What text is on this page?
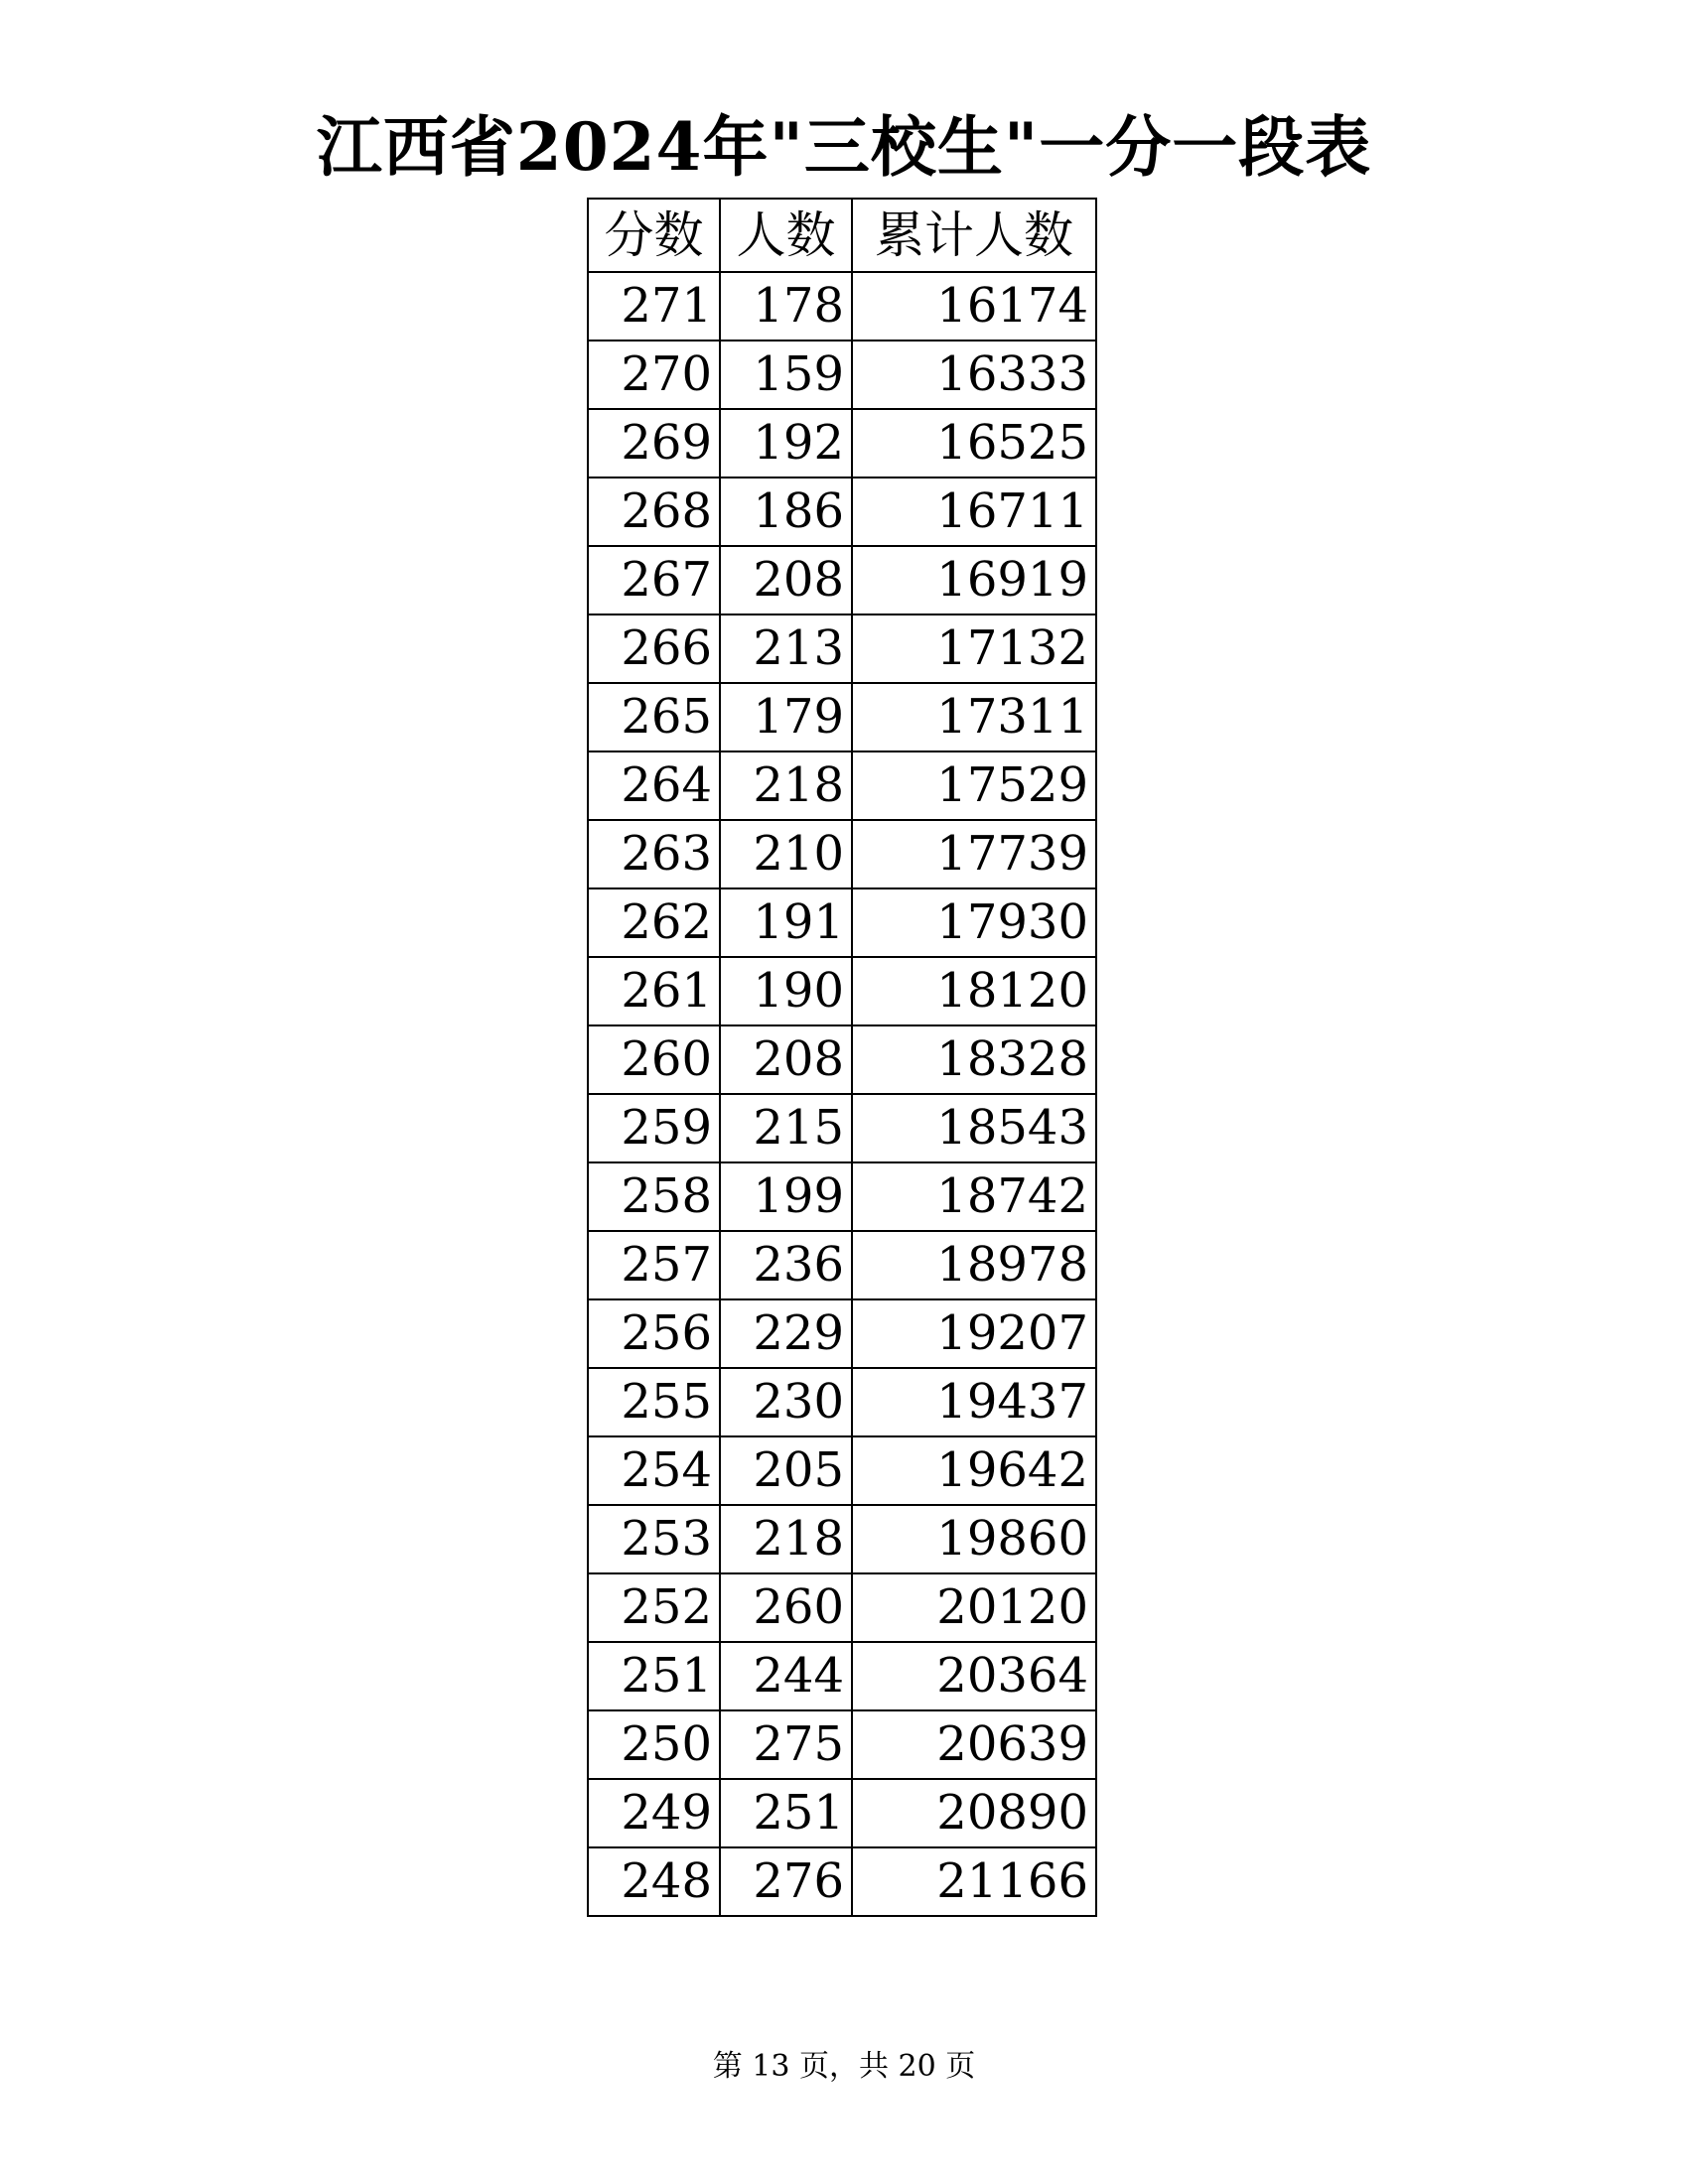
江西省2024年"三校生"一分一段表
分数	人数	累计人数
271	178	16174
270	159	16333
269	192	16525
268	186	16711
267	208	16919
266	213	17132
265	179	17311
264	218	17529
263	210	17739
262	191	17930
261	190	18120
260	208	18328
259	215	18543
258	199	18742
257	236	18978
256	229	19207
255	230	19437
254	205	19642
253	218	19860
252	260	20120
251	244	20364
250	275	20639
249	251	20890
248	276	21166
第 13 页，共 20 页
